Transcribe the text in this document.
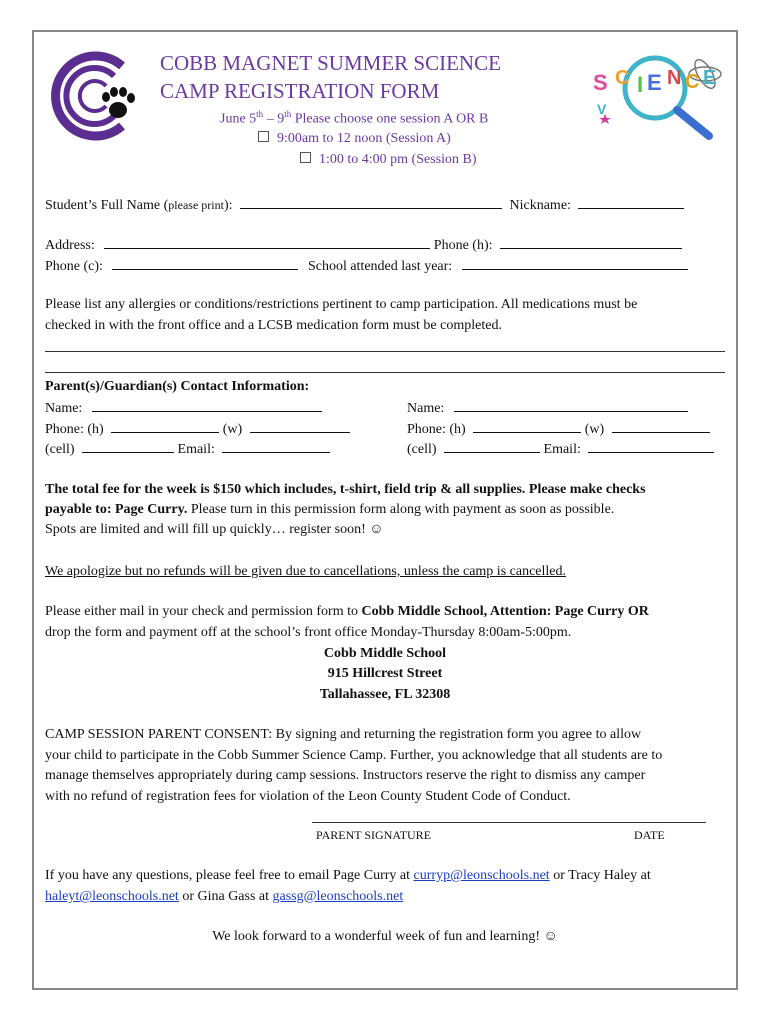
COBB MAGNET SUMMER SCIENCE
CAMP REGISTRATION FORM
June 5th – 9th Please choose one session A OR B
9:00am to 12 noon (Session A)
1:00 to 4:00 pm (Session B)
S C I E N C E
V
Student’s Full Name (please print):	Nickname:
Address:	Phone (h):
Phone (c):	School attended last year:
Please list any allergies or conditions/restrictions pertinent to camp participation. All medications must be
checked in with the front office and a LCSB medication form must be completed.
Parent(s)/Guardian(s) Contact Information:
Name:
Phone: (h)	(w)
(cell)	Email:
Name:
Phone: (h)	(w)
(cell)	Email:
The total fee for the week is $150 which includes, t-shirt, field trip & all supplies. Please make checks
payable to: Page Curry. Please turn in this permission form along with payment as soon as possible.
Spots are limited and will fill up quickly… register soon! ☺
We apologize but no refunds will be given due to cancellations, unless the camp is cancelled.
Please either mail in your check and permission form to Cobb Middle School, Attention: Page Curry OR
drop the form and payment off at the school’s front office Monday-Thursday 8:00am-5:00pm.
Cobb Middle School
915 Hillcrest Street
Tallahassee, FL 32308
CAMP SESSION PARENT CONSENT: By signing and returning the registration form you agree to allow
your child to participate in the Cobb Summer Science Camp. Further, you acknowledge that all students are to
manage themselves appropriately during camp sessions. Instructors reserve the right to dismiss any camper
with no refund of registration fees for violation of the Leon County Student Code of Conduct.
PARENT SIGNATURE	DATE
If you have any questions, please feel free to email Page Curry at curryp@leonschools.net or Tracy Haley at
haleyt@leonschools.net or Gina Gass at gassg@leonschools.net
We look forward to a wonderful week of fun and learning! ☺
